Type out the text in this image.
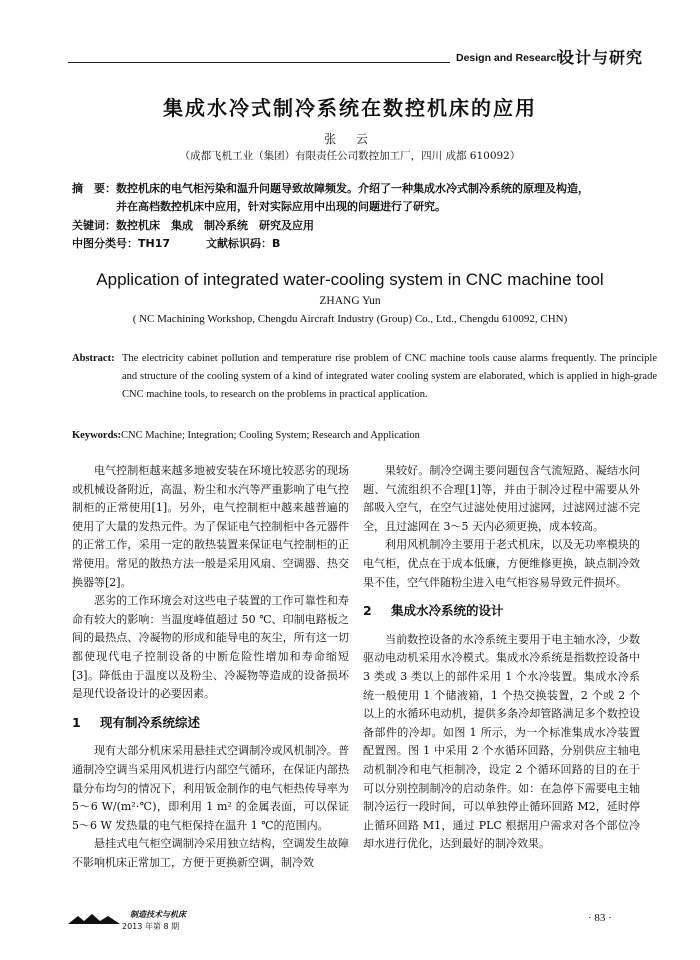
Design and Research
设计与研究
集成水冷式制冷系统在数控机床的应用
张 云
（成都飞机工业（集团）有限责任公司数控加工厂，四川 成都 610092）
摘　要：数控机床的电气柜污染和温升问题导致故障频发。介绍了一种集成水冷式制冷系统的原理及构造，
并在高档数控机床中应用，针对实际应用中出现的问题进行了研究。
关键词：数控机床　集成　制冷系统　研究及应用
中图分类号：TH17	文献标识码：B
Application of integrated water-cooling system in CNC machine tool
ZHANG Yun
( NC Machining Workshop, Chengdu Aircraft Industry (Group) Co., Ltd., Chengdu 610092, CHN)
Abstract: The electricity cabinet pollution and temperature rise problem of CNC machine tools cause alarms frequently. The principle and structure of the cooling system of a kind of integrated water cooling system are elaborated, which is applied in high-grade CNC machine tools, to research on the problems in practical application.
Keywords:CNC Machine; Integration; Cooling System; Research and Application

电气控制柜越来越多地被安装在环境比较恶劣的现场或机械设备附近，高温、粉尘和水汽等严重影响了电气控制柜的正常使用[1]。另外，电气控制柜中越来越普遍的使用了大量的发热元件。为了保证电气控制柜中各元器件的正常工作，采用一定的散热装置来保证电气控制柜的正常使用。常见的散热方法一般是采用风扇、空调器、热交换器等[2]。

恶劣的工作环境会对这些电子装置的工作可靠性和寿命有较大的影响：当温度峰值超过 50 ℃、印制电路板之间的最热点、冷凝物的形成和能导电的灰尘，所有这一切都使现代电子控制设备的中断危险性增加和寿命缩短[3]。降低由于温度以及粉尘、冷凝物等造成的设备损坏是现代设备设计的必要因素。

1 现有制冷系统综述

现有大部分机床采用悬挂式空调制冷或风机制冷。普通制冷空调当采用风机进行内部空气循环，在保证内部热量分布均匀的情况下，利用钣金制作的电气柜热传导率为 5～6 W/(m²·℃)，即利用 1 m² 的金属表面，可以保证 5～6 W 发热量的电气柜保持在温升 1 ℃的范围内。

悬挂式电气柜空调制冷采用独立结构，空调发生故障不影响机床正常加工，方便于更换新空调，制冷效

果较好。制冷空调主要问题包含气流短路、凝结水问题、气流组织不合理[1]等，并由于制冷过程中需要从外部吸入空气，在空气过滤处使用过滤网，过滤网过滤不完全，且过滤网在 3～5 天内必须更换，成本较高。

利用风机制冷主要用于老式机床，以及无功率模块的电气柜，优点在于成本低廉，方便维修更换，缺点制冷效果不佳，空气伴随粉尘进入电气柜容易导致元件损坏。

2 集成水冷系统的设计

当前数控设备的水冷系统主要用于电主轴水冷，少数驱动电动机采用水冷模式。集成水冷系统是指数控设备中 3 类或 3 类以上的部件采用 1 个水冷装置。集成水冷系统一般使用 1 个储液箱，1 个热交换装置，2 个或 2 个以上的水循环电动机，提供多条冷却管路满足多个数控设备部件的冷却。如图 1 所示，为一个标准集成水冷装置配置图。图 1 中采用 2 个水循环回路，分别供应主轴电动机制冷和电气柜制冷，设定 2 个循环回路的目的在于可以分别控制制冷的启动条件。如：在急停下需要电主轴制冷运行一段时间，可以单独停止循环回路 M2，延时停止循环回路 M1，通过 PLC 根据用户需求对各个部位冷却水进行优化，达到最好的制冷效果。

制造技术与机床
2013 年第 8 期
· 83 ·
